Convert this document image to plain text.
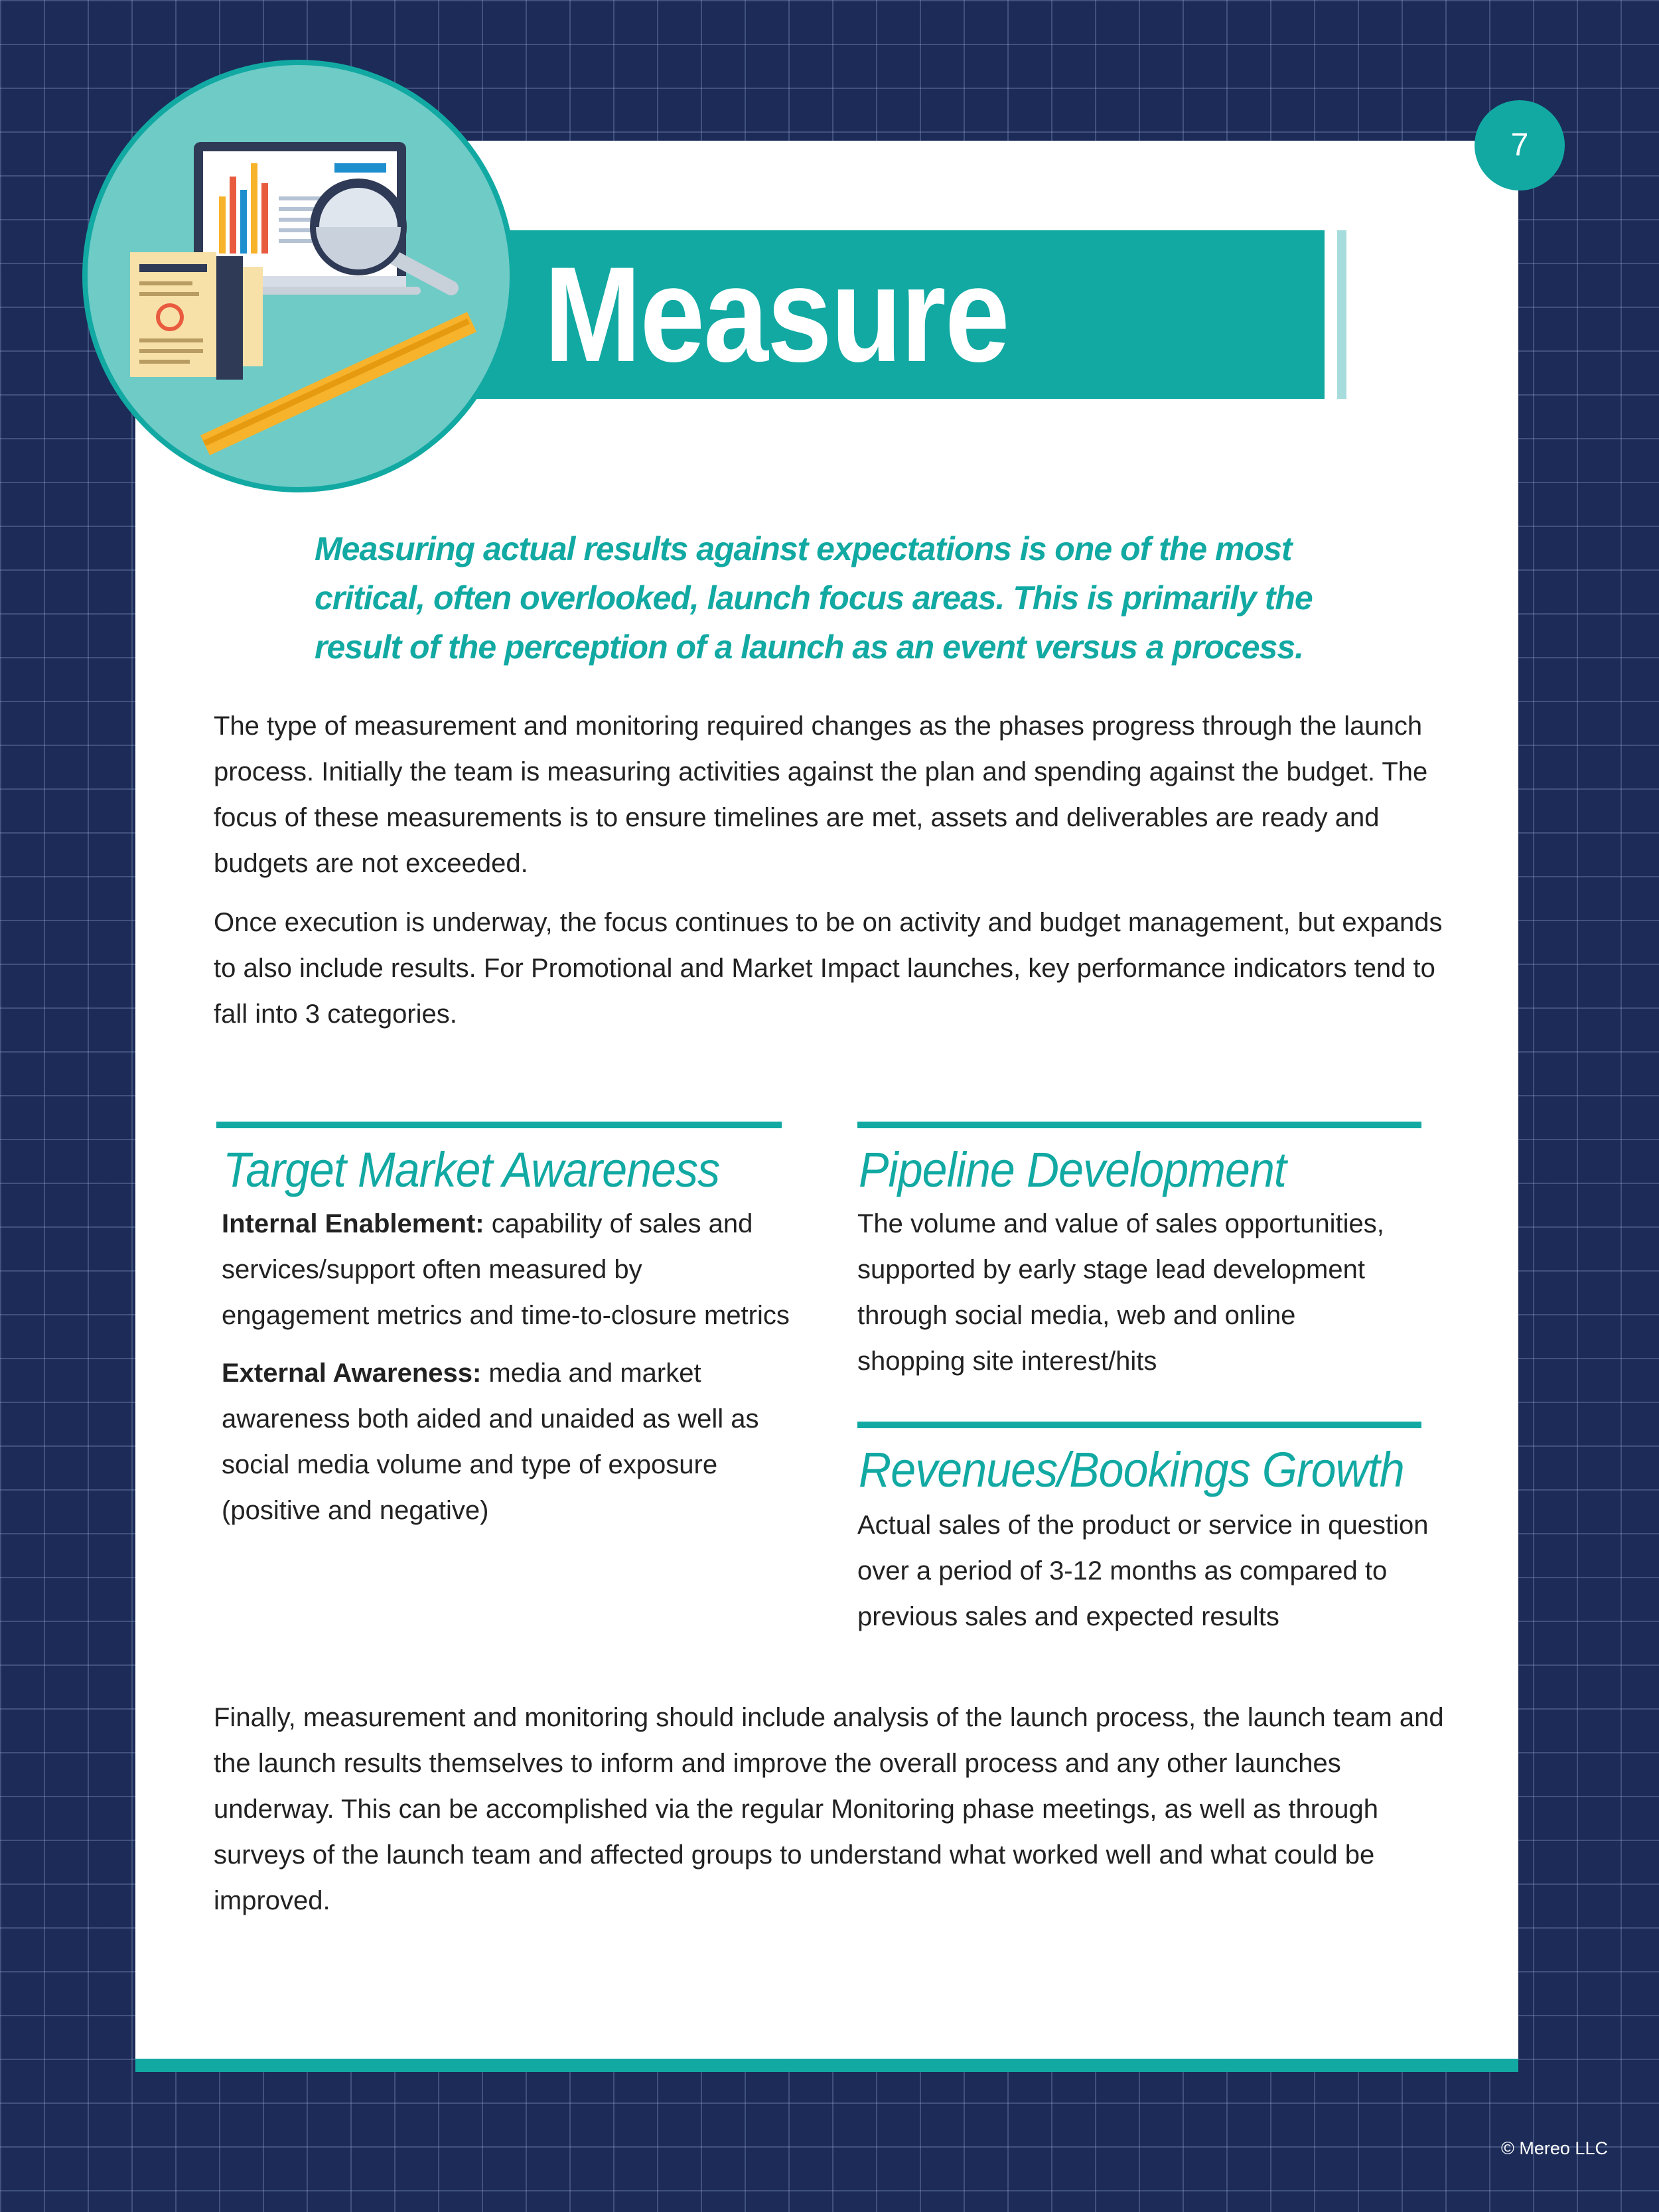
7
Measure
Measuring actual results against expectations is one of the most critical, often overlooked, launch focus areas. This is primarily the result of the perception of a launch as an event versus a process.
The type of measurement and monitoring required changes as the phases progress through the launch process. Initially the team is measuring activities against the plan and spending against the budget. The focus of these measurements is to ensure timelines are met, assets and deliverables are ready and budgets are not exceeded.
Once execution is underway, the focus continues to be on activity and budget management, but expands to also include results. For Promotional and Market Impact launches, key performance indicators tend to fall into 3 categories.
Target Market Awareness

Internal Enablement: capability of sales and services/support often measured by engagement metrics and time-to-closure metrics

External Awareness: media and market awareness both aided and unaided as well as social media volume and type of exposure (positive and negative)

Pipeline Development
The volume and value of sales opportunities, supported by early stage lead development through social media, web and online shopping site interest/hits
Revenues/Bookings Growth
Actual sales of the product or service in question over a period of 3-12 months as compared to previous sales and expected results
Finally, measurement and monitoring should include analysis of the launch process, the launch team and the launch results themselves to inform and improve the overall process and any other launches underway. This can be accomplished via the regular Monitoring phase meetings, as well as through surveys of the launch team and affected groups to understand what worked well and what could be improved.
© Mereo LLC
